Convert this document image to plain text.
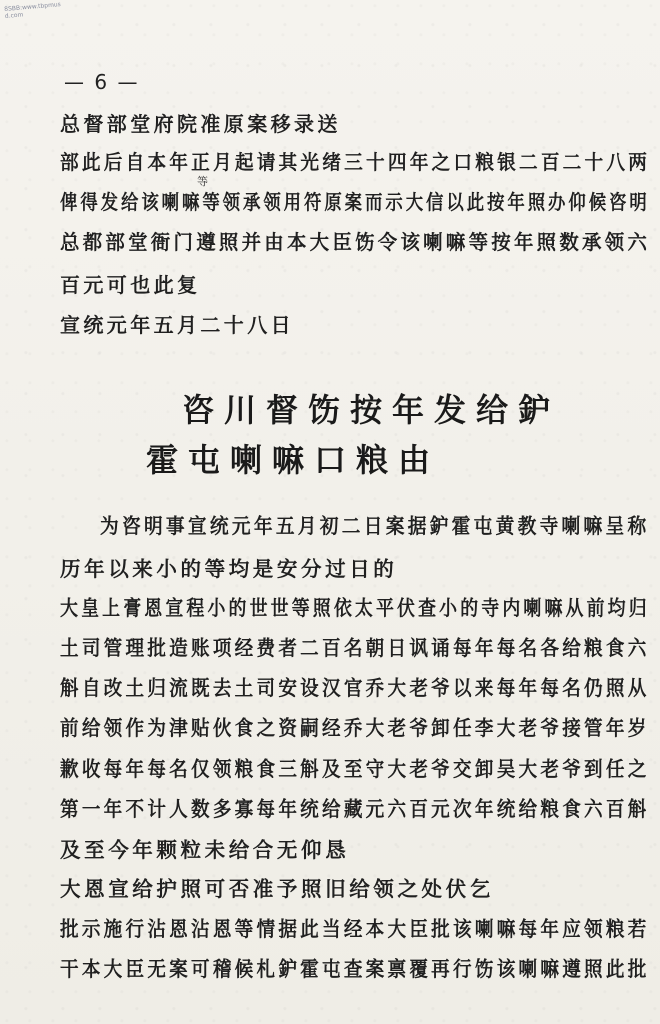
8SBB:www.tbpmusd.com
— 6 —
总督部堂府院准原案移录送
部此后自本年正月起请其光绪三十四年之口粮银二百二十八两
等
俾得发给该喇嘛等领承领用符原案而示大信以此按年照办仰候咨明
总都部堂衙门遵照并由本大臣饬令该喇嘛等按年照数承领六
百元可也此复
宣统元年五月二十八日
咨川督饬按年发给鈩
霍屯喇嘛口粮由
为咨明事宣统元年五月初二日案据鈩霍屯黄教寺喇嘛呈称
历年以来小的等均是安分过日的
大皇上膏恩宣程小的世世等照依太平伏查小的寺内喇嘛从前均归
土司管理批造账项经费者二百名朝日讽诵每年每名各给粮食六
斛自改土归流既去土司安设汉官乔大老爷以来每年每名仍照从
前给领作为津贴伙食之资嗣经乔大老爷卸任李大老爷接管年岁
歉收每年每名仅领粮食三斛及至守大老爷交卸吴大老爷到任之
第一年不计人数多寡每年统给藏元六百元次年统给粮食六百斛
及至今年颗粒未给合无仰恳
大恩宣给护照可否准予照旧给领之处伏乞
批示施行沾恩沾恩等情据此当经本大臣批该喇嘛每年应领粮若
干本大臣无案可稽候札鈩霍屯查案禀覆再行饬该喇嘛遵照此批
